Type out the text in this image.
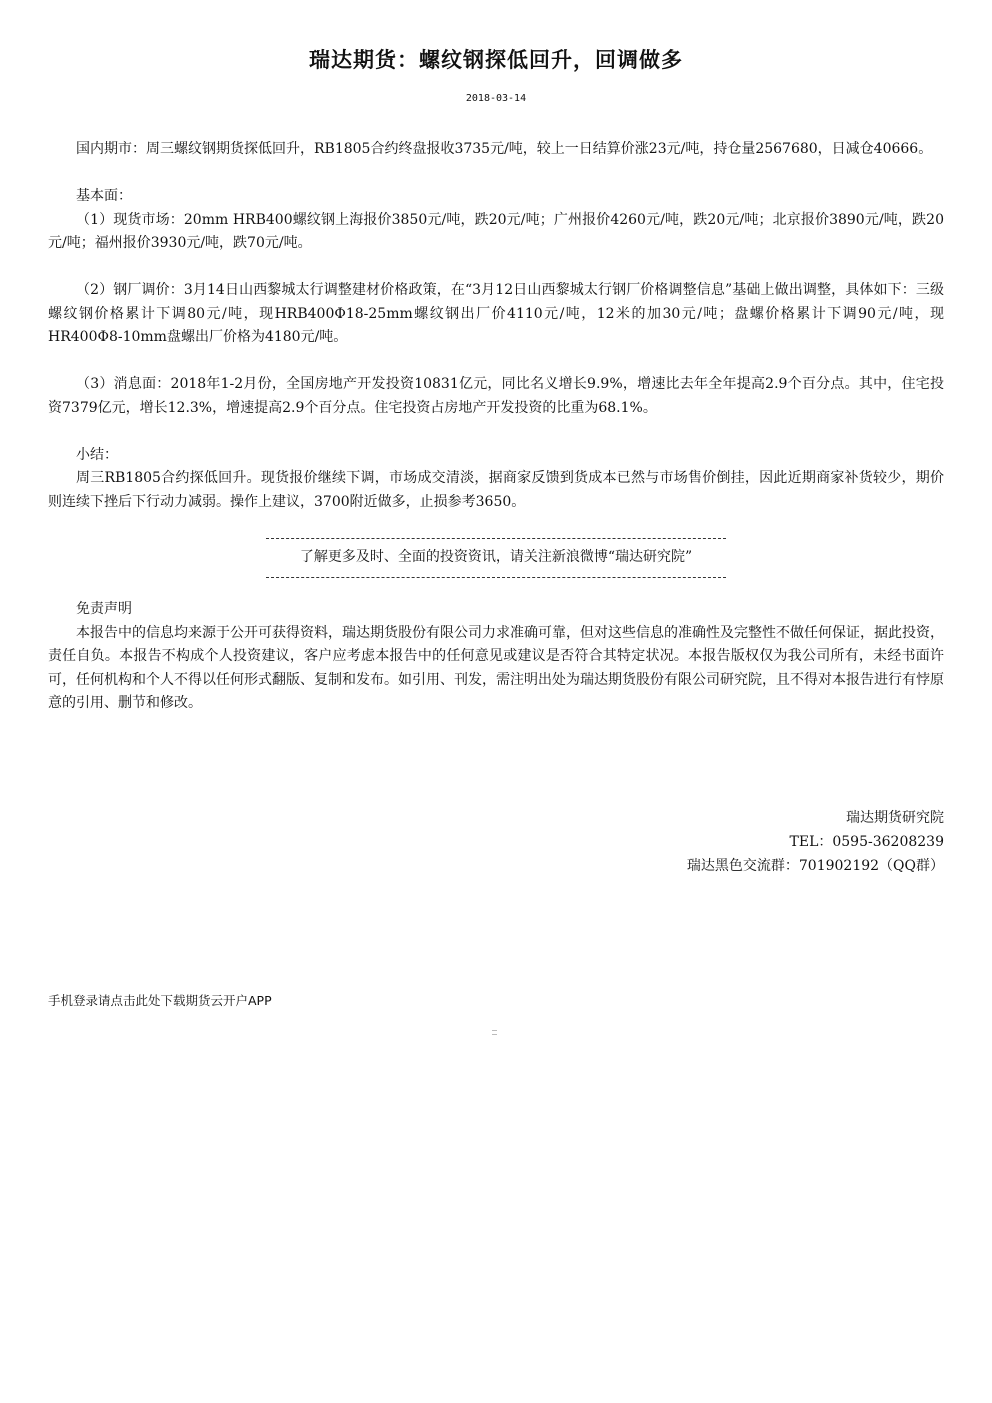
瑞达期货：螺纹钢探低回升，回调做多
2018-03-14

国内期市：周三螺纹钢期货探低回升，RB1805合约终盘报收3735元/吨，较上一日结算价涨23元/吨，持仓量2567680，日减仓40666。

基本面：

（1）现货市场：20mm HRB400螺纹钢上海报价3850元/吨，跌20元/吨；广州报价4260元/吨，跌20元/吨；北京报价3890元/吨，跌20元/吨；福州报价3930元/吨，跌70元/吨。

（2）钢厂调价：3月14日山西黎城太行调整建材价格政策，在“3月12日山西黎城太行钢厂价格调整信息”基础上做出调整，具体如下：三级螺纹钢价格累计下调80元/吨，现HRB400Φ18-25mm螺纹钢出厂价4110元/吨，12米的加30元/吨；盘螺价格累计下调90元/吨，现HR400Φ8-10mm盘螺出厂价格为4180元/吨。

（3）消息面：2018年1-2月份，全国房地产开发投资10831亿元，同比名义增长9.9%，增速比去年全年提高2.9个百分点。其中，住宅投资7379亿元，增长12.3%，增速提高2.9个百分点。住宅投资占房地产开发投资的比重为68.1%。

小结：

周三RB1805合约探低回升。现货报价继续下调，市场成交清淡，据商家反馈到货成本已然与市场售价倒挂，因此近期商家补货较少，期价则连续下挫后下行动力减弱。操作上建议，3700附近做多，止损参考3650。

了解更多及时、全面的投资资讯，请关注新浪微博“瑞达研究院”

免责声明

本报告中的信息均来源于公开可获得资料，瑞达期货股份有限公司力求准确可靠，但对这些信息的准确性及完整性不做任何保证，据此投资，责任自负。本报告不构成个人投资建议，客户应考虑本报告中的任何意见或建议是否符合其特定状况。本报告版权仅为我公司所有，未经书面许可，任何机构和个人不得以任何形式翻版、复制和发布。如引用、刊发，需注明出处为瑞达期货股份有限公司研究院，且不得对本报告进行有悖原意的引用、删节和修改。

瑞达期货研究院
TEL：0595-36208239
瑞达黑色交流群：701902192（QQ群）
手机登录请点击此处下载期货云开户APP
